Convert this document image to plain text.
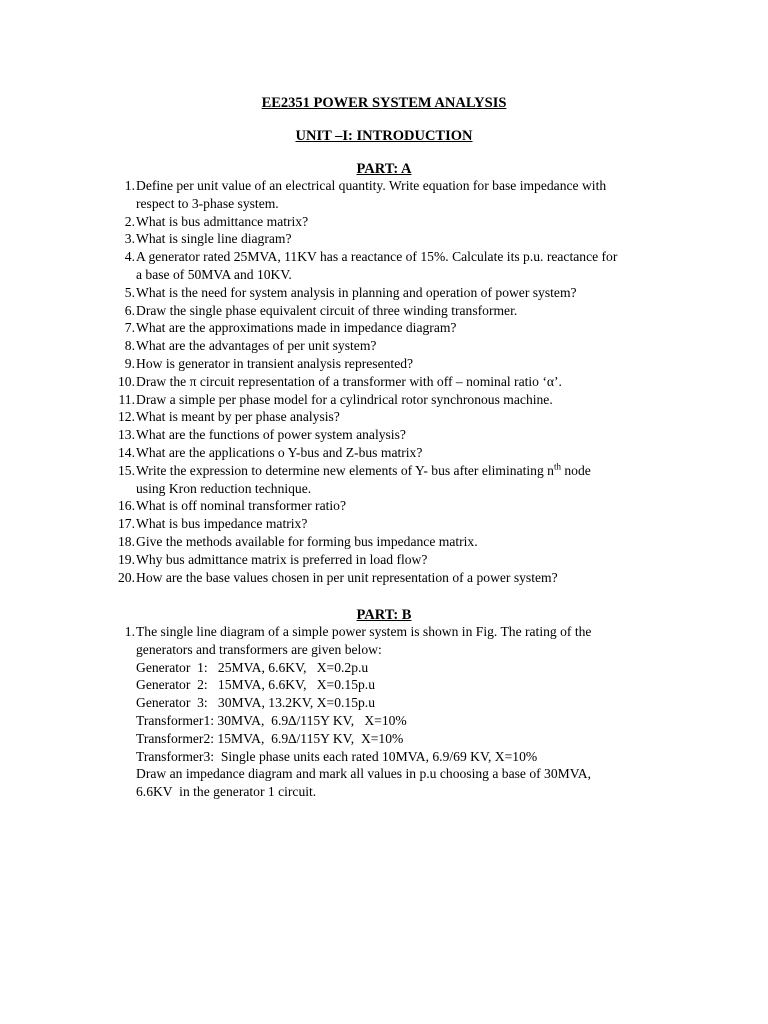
EE2351 POWER SYSTEM ANALYSIS
UNIT –I: INTRODUCTION
PART: A
1. Define per unit value of an electrical quantity. Write equation for base impedance with
respect to 3-phase system.
2. What is bus admittance matrix?
3. What is single line diagram?
4. A generator rated 25MVA, 11KV has a reactance of 15%. Calculate its p.u. reactance for
a base of 50MVA and 10KV.
5. What is the need for system analysis in planning and operation of power system?
6. Draw the single phase equivalent circuit of three winding transformer.
7. What are the approximations made in impedance diagram?
8. What are the advantages of per unit system?
9. How is generator in transient analysis represented?
10. Draw the π circuit representation of a transformer with off – nominal ratio ‘α’.
11. Draw a simple per phase model for a cylindrical rotor synchronous machine.
12. What is meant by per phase analysis?
13. What are the functions of power system analysis?
14. What are the applications o Y-bus and Z-bus matrix?
15. Write the expression to determine new elements of Y- bus after eliminating $n^{th}$ node
using Kron reduction technique.
16. What is off nominal transformer ratio?
17. What is bus impedance matrix?
18. Give the methods available for forming bus impedance matrix.
19. Why bus admittance matrix is preferred in load flow?
20. How are the base values chosen in per unit representation of a power system?
PART: B
1. The single line diagram of a simple power system is shown in Fig. The rating of the
generators and transformers are given below:
Generator  1:   25MVA, 6.6KV,   X=0.2p.u
Generator  2:   15MVA, 6.6KV,   X=0.15p.u
Generator  3:   30MVA, 13.2KV, X=0.15p.u
Transformer1: 30MVA,  6.9∆/115Y KV,   X=10%
Transformer2: 15MVA,  6.9∆/115Y KV,  X=10%
Transformer3:  Single phase units each rated 10MVA, 6.9/69 KV, X=10%
Draw an impedance diagram and mark all values in p.u choosing a base of 30MVA,
6.6KV  in the generator 1 circuit.
